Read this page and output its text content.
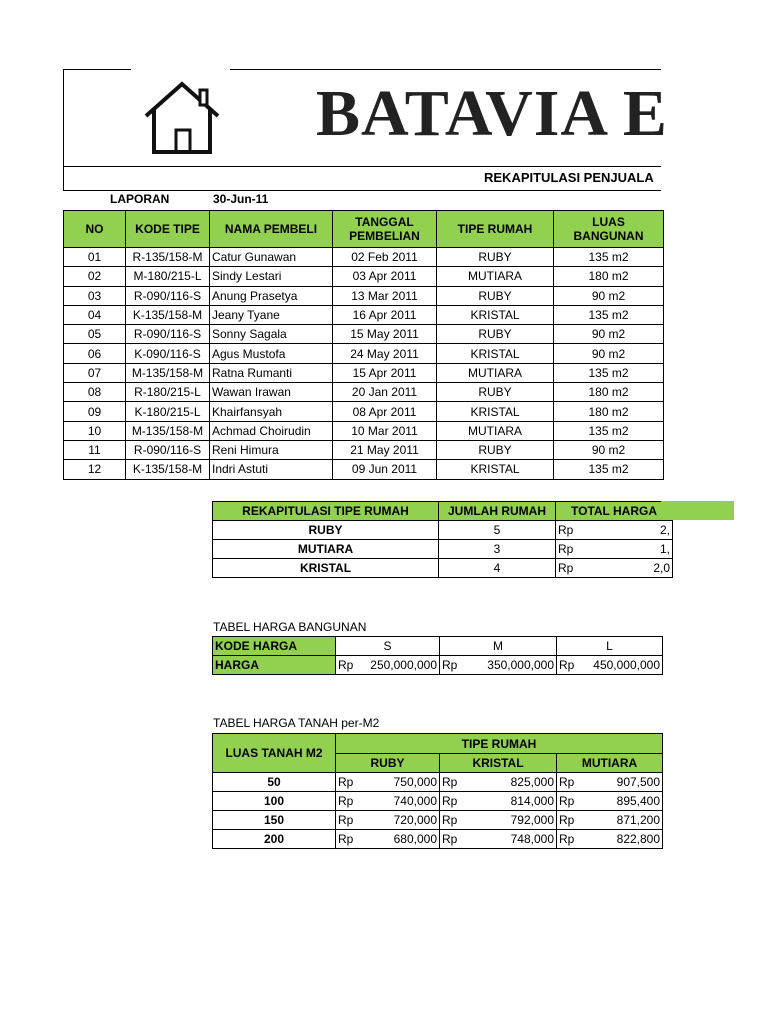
BATAVIA E
REKAPITULASI PENJUALA
LAPORAN	30-Jun-11
NO	KODE TIPE	NAMA PEMBELI	TANGGAL PEMBELIAN	TIPE RUMAH	LUAS BANGUNAN
01	R-135/158-M	Catur Gunawan	02 Feb 2011	RUBY	135 m2
02	M-180/215-L	Sindy Lestari	03 Apr 2011	MUTIARA	180 m2
03	R-090/116-S	Anung Prasetya	13 Mar 2011	RUBY	90 m2
04	K-135/158-M	Jeany Tyane	16 Apr 2011	KRISTAL	135 m2
05	R-090/116-S	Sonny Sagala	15 May 2011	RUBY	90 m2
06	K-090/116-S	Agus Mustofa	24 May 2011	KRISTAL	90 m2
07	M-135/158-M	Ratna Rumanti	15 Apr 2011	MUTIARA	135 m2
08	R-180/215-L	Wawan Irawan	20 Jan 2011	RUBY	180 m2
09	K-180/215-L	Khairfansyah	08 Apr 2011	KRISTAL	180 m2
10	M-135/158-M	Achmad Choirudin	10 Mar 2011	MUTIARA	135 m2
11	R-090/116-S	Reni Himura	21 May 2011	RUBY	90 m2
12	K-135/158-M	Indri Astuti	09 Jun 2011	KRISTAL	135 m2
REKAPITULASI TIPE RUMAH	JUMLAH RUMAH	TOTAL HARGA
RUBY	5	Rp 2,

MUTIARA	3	Rp 1,

KRISTAL	4	Rp 2,0
TABEL HARGA BANGUNAN
KODE HARGA	S	M	L
HARGA	Rp 250,000,000	Rp 350,000,000	Rp 450,000,000
TABEL HARGA TANAH per-M2
LUAS TANAH M2	TIPE RUMAH		
	RUBY	KRISTAL	MUTIARA
50	Rp 750,000	Rp 825,000	Rp 907,500

100	Rp 740,000	Rp 814,000	Rp 895,400

150	Rp 720,000	Rp 792,000	Rp 871,200

200	Rp 680,000	Rp 748,000	Rp 822,800
